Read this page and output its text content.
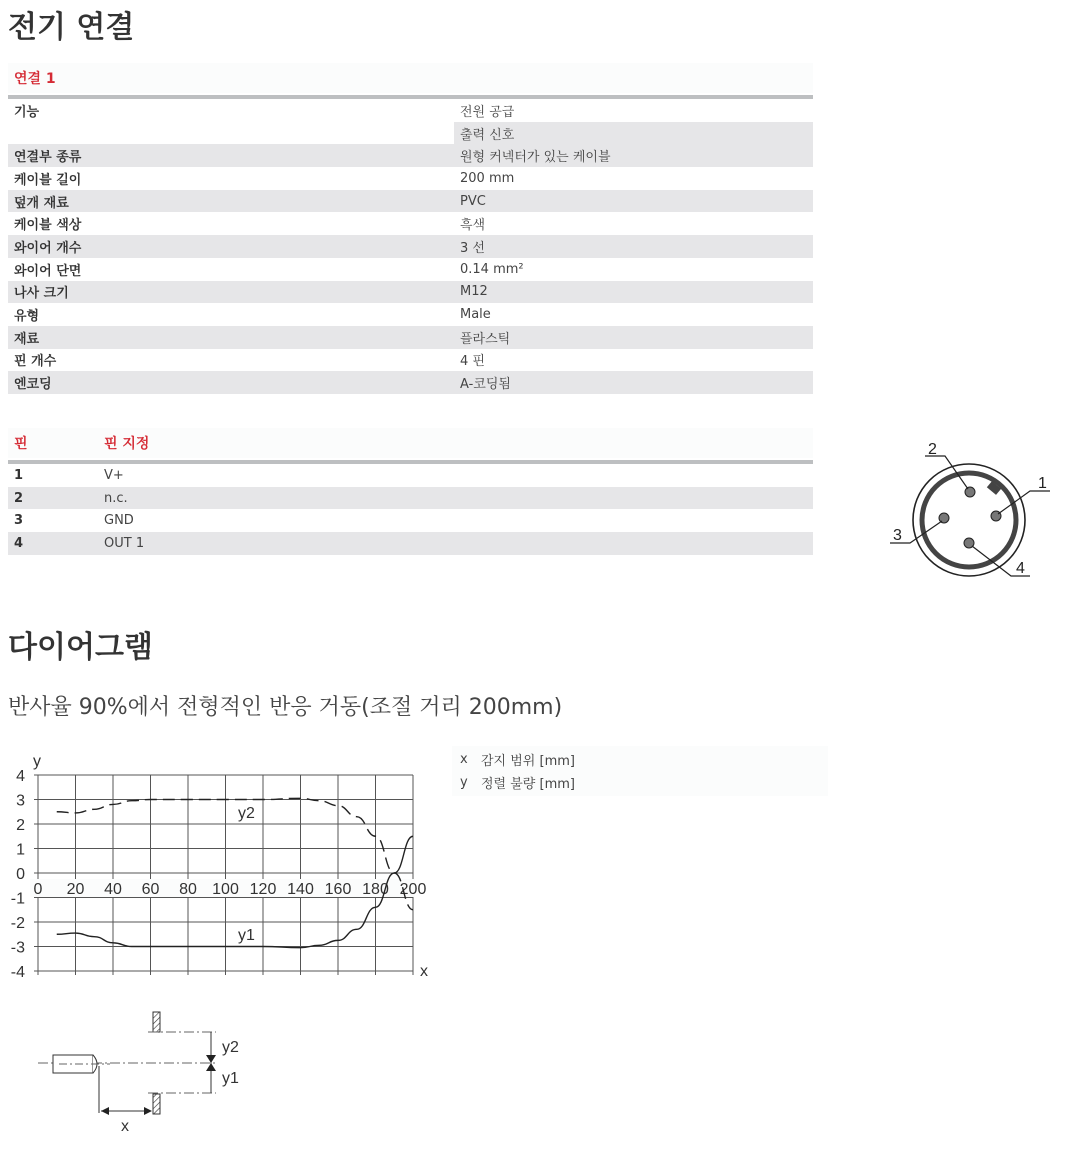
전기 연결
연결 1	

기능	전원 공급
	출력 신호
연결부 종류	원형 커넥터가 있는 케이블
케이블 길이	200 mm
덮개 재료	PVC
케이블 색상	흑색
와이어 개수	3 선
와이어 단면	0.14 mm²
나사 크기	M12
유형	Male
재료	플라스틱
핀 개수	4 핀
엔코딩	A-코딩됨
핀	핀 지정

1	V+
2	n.c.
3	GND
4	OUT 1
2
1
3
4
다이어그램
반사율 90%에서 전형적인 반응 거동(조절 거리 200mm)
0 20 40 60 80 100 120 140 160 180 200
4
3
2
1
0
-1
-2
-3
-4
y
x
y2
y1
x	감지 범위 [mm]
y	정렬 불량 [mm]
y2
y1
x
